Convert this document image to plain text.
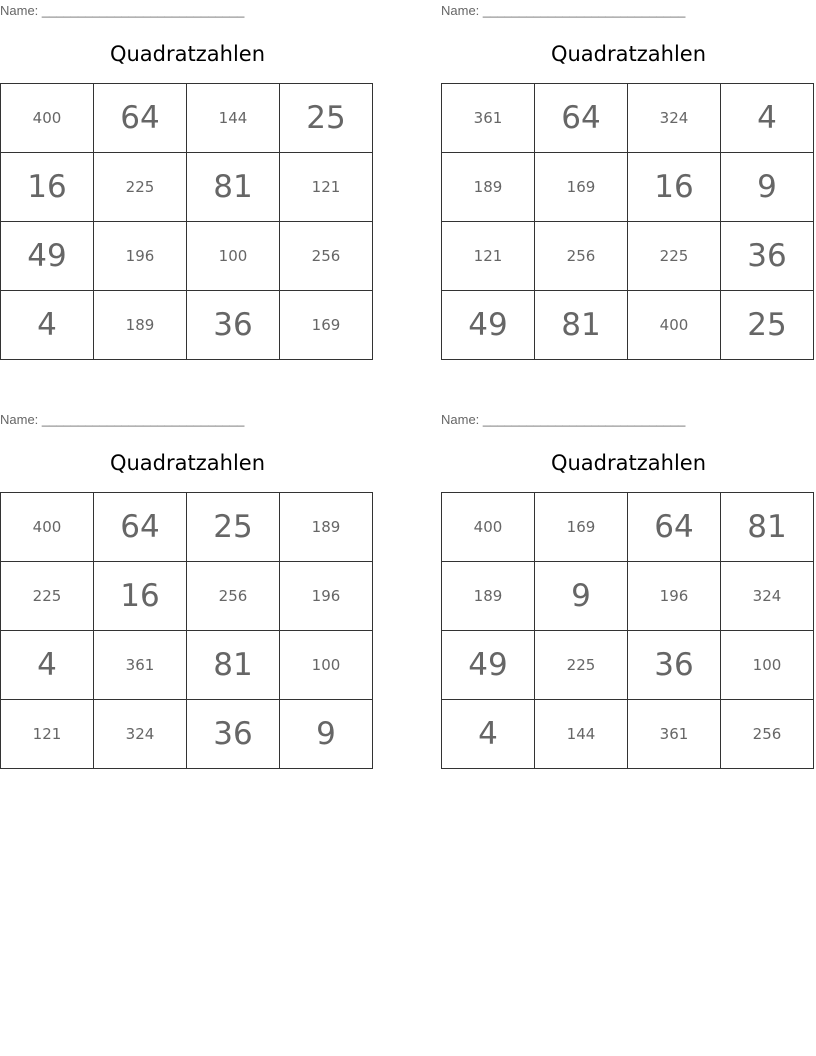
Name: ____________________________
Quadratzahlen
400	64	144	25
16	225	81	121
49	196	100	256
4	189	36	169
Name: ____________________________
Quadratzahlen
361	64	324	4
189	169	16	9
121	256	225	36
49	81	400	25
Name: ____________________________
Quadratzahlen
400	64	25	189
225	16	256	196
4	361	81	100
121	324	36	9
Name: ____________________________
Quadratzahlen
400	169	64	81
189	9	196	324
49	225	36	100
4	144	361	256
